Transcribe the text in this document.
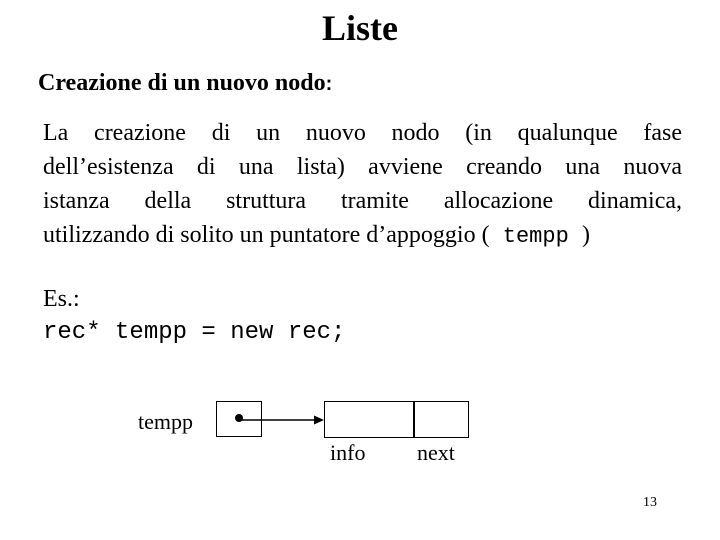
Liste
Creazione di un nuovo nodo:
La creazione di un nuovo nodo (in qualunque fase
dell’esistenza di una lista) avviene creando una nuova
istanza della struttura tramite allocazione dinamica,
utilizzando di solito un puntatore d’appoggio ( tempp )
Es.:
rec* tempp = new rec;
tempp
info next
13
